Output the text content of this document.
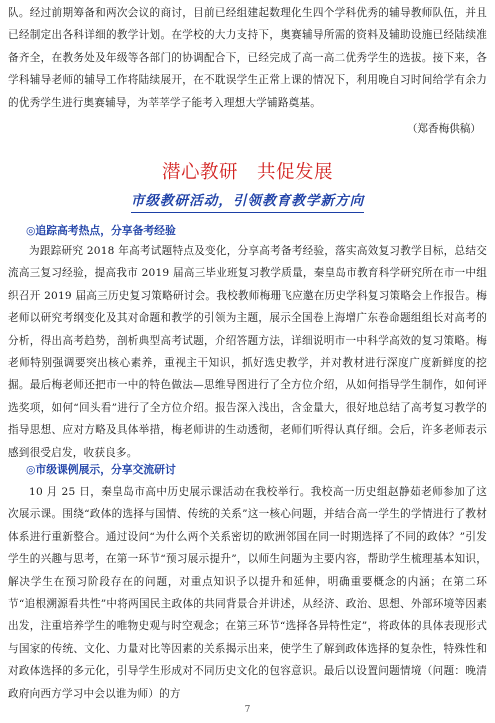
队。经过前期筹备和两次会议的商讨，目前已经组建起数理化生四个学科优秀的辅导教师队伍，并且已经制定出各科详细的教学计划。在学校的大力支持下，奥赛辅导所需的资料及辅助设施已经陆续准备齐全，在教务处及年级等各部门的协调配合下，已经完成了高一高二优秀学生的选拔。接下来，各学科辅导老师的辅导工作将陆续展开，在不耽误学生正常上课的情况下，利用晚自习时间给学有余力的优秀学生进行奥赛辅导，为莘莘学子能考入理想大学铺路奠基。

（郑香梅供稿）
潜心教研　共促发展
市级教研活动，引领教育教学新方向
◎追踪高考热点，分享备考经验

为跟踪研究 2018 年高考试题特点及变化，分享高考备考经验，落实高效复习教学目标，总结交流高三复习经验，提高我市 2019 届高三毕业班复习教学质量，秦皇岛市教育科学研究所在市一中组织召开 2019 届高三历史复习策略研讨会。我校教师梅珊飞应邀在历史学科复习策略会上作报告。梅老师以研究考纲变化及其对命题和教学的引领为主题，展示全国卷上海增广东卷命题组组长对高考的分析，得出高考趋势，剖析典型高考试题，介绍答题方法，详细说明市一中科学高效的复习策略。梅老师特别强调要突出核心素养，重视主干知识，抓好选史教学，并对教材进行深度广度新鲜度的挖掘。最后梅老师还把市一中的特色做法—思维导图进行了全方位介绍，从如何指导学生制作，如何评选奖项，如何“回头看”进行了全方位介绍。报告深入浅出，含金量大，很好地总结了高考复习教学的指导思想、应对方略及具体举措，梅老师讲的生动透彻，老师们听得认真仔细。会后，许多老师表示感到很受启发，收获良多。

◎市级课例展示，分享交流研讨

10 月 25 日，秦皇岛市高中历史展示课活动在我校举行。我校高一历史组赵静茹老师参加了这次展示课。围绕“政体的选择与国情、传统的关系”这一核心问题，并结合高一学生的学情进行了教材体系进行重新整合。通过设问“为什么两个关系密切的欧洲邻国在同一时期选择了不同的政体？”引发学生的兴趣与思考，在第一环节“预习展示提升”，以师生问题为主要内容，帮助学生梳理基本知识，解决学生在预习阶段存在的问题，对重点知识予以提升和延伸，明确重要概念的内涵；在第二环节“追根溯源看共性”中将两国民主政体的共同背景合并讲述，从经济、政治、思想、外部环境等因素出发，注重培养学生的唯物史观与时空观念；在第三环节“选择各异特性定”，将政体的具体表现形式与国家的传统、文化、力量对比等因素的关系揭示出来，使学生了解到政体选择的复杂性，特殊性和对政体选择的多元化，引导学生形成对不同历史文化的包容意识。最后以设置问题情境（问题：晚清政府向西方学习中会以谁为师）的方

7
